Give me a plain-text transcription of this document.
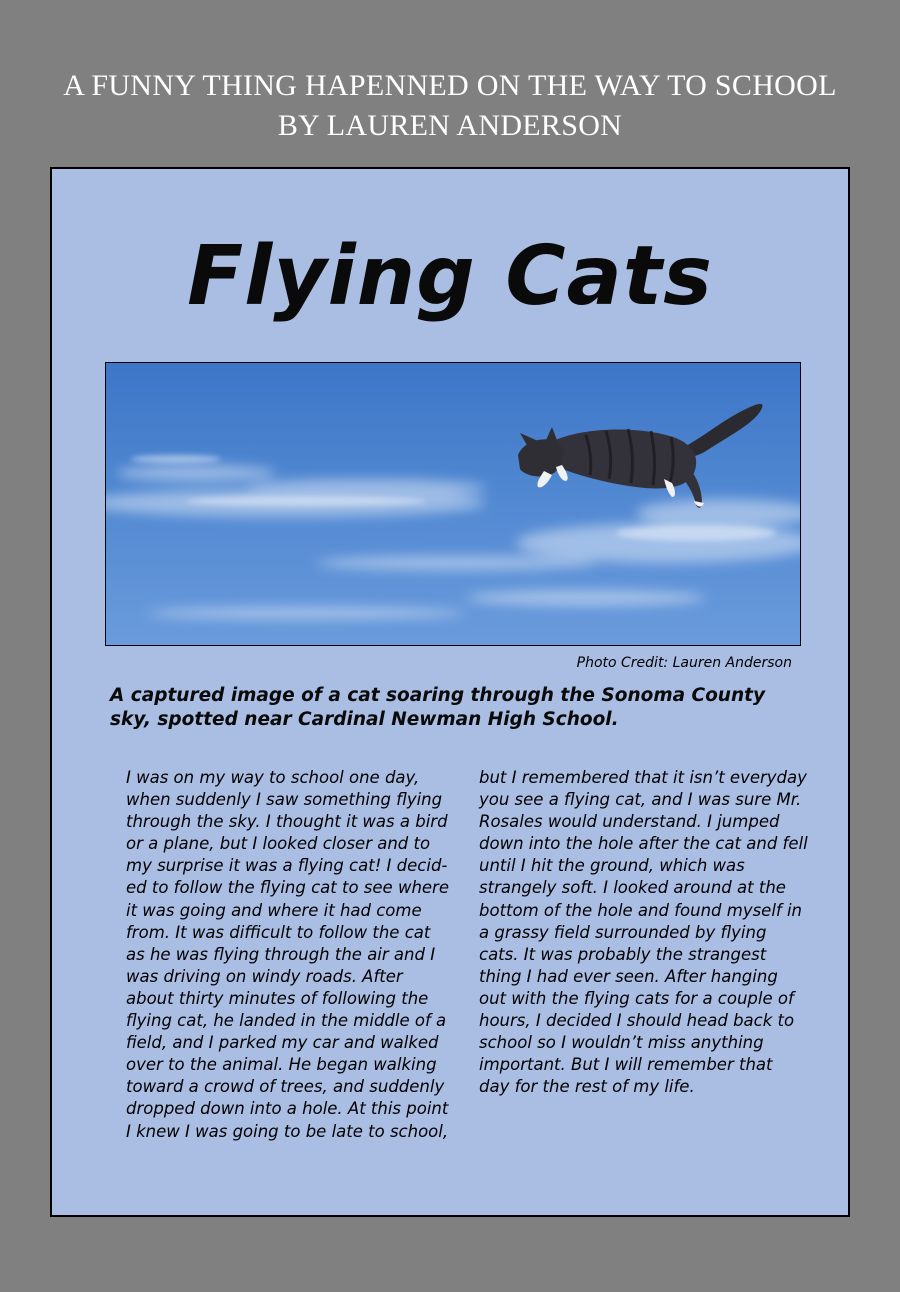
A FUNNY THING HAPENNED ON THE WAY TO SCHOOL
BY LAUREN ANDERSON
Flying Cats
Photo Credit: Lauren Anderson
A captured image of a cat soaring through the Sonoma County sky, spotted near Cardinal Newman High School.
I was on my way to school one day,
when suddenly I saw something flying
through the sky. I thought it was a bird
or a plane, but I looked closer and to
my surprise it was a flying cat! I decid-
ed to follow the flying cat to see where
it was going and where it had come
from. It was difficult to follow the cat
as he was flying through the air and I
was driving on windy roads. After
about thirty minutes of following the
flying cat, he landed in the middle of a
field, and I parked my car and walked
over to the animal. He began walking
toward a crowd of trees, and suddenly
dropped down into a hole. At this point
I knew I was going to be late to school,
but I remembered that it isn’t everyday
you see a flying cat, and I was sure Mr.
Rosales would understand. I jumped
down into the hole after the cat and fell
until I hit the ground, which was
strangely soft. I looked around at the
bottom of the hole and found myself in
a grassy field surrounded by flying
cats. It was probably the strangest
thing I had ever seen. After hanging
out with the flying cats for a couple of
hours, I decided I should head back to
school so I wouldn’t miss anything
important. But I will remember that
day for the rest of my life.
